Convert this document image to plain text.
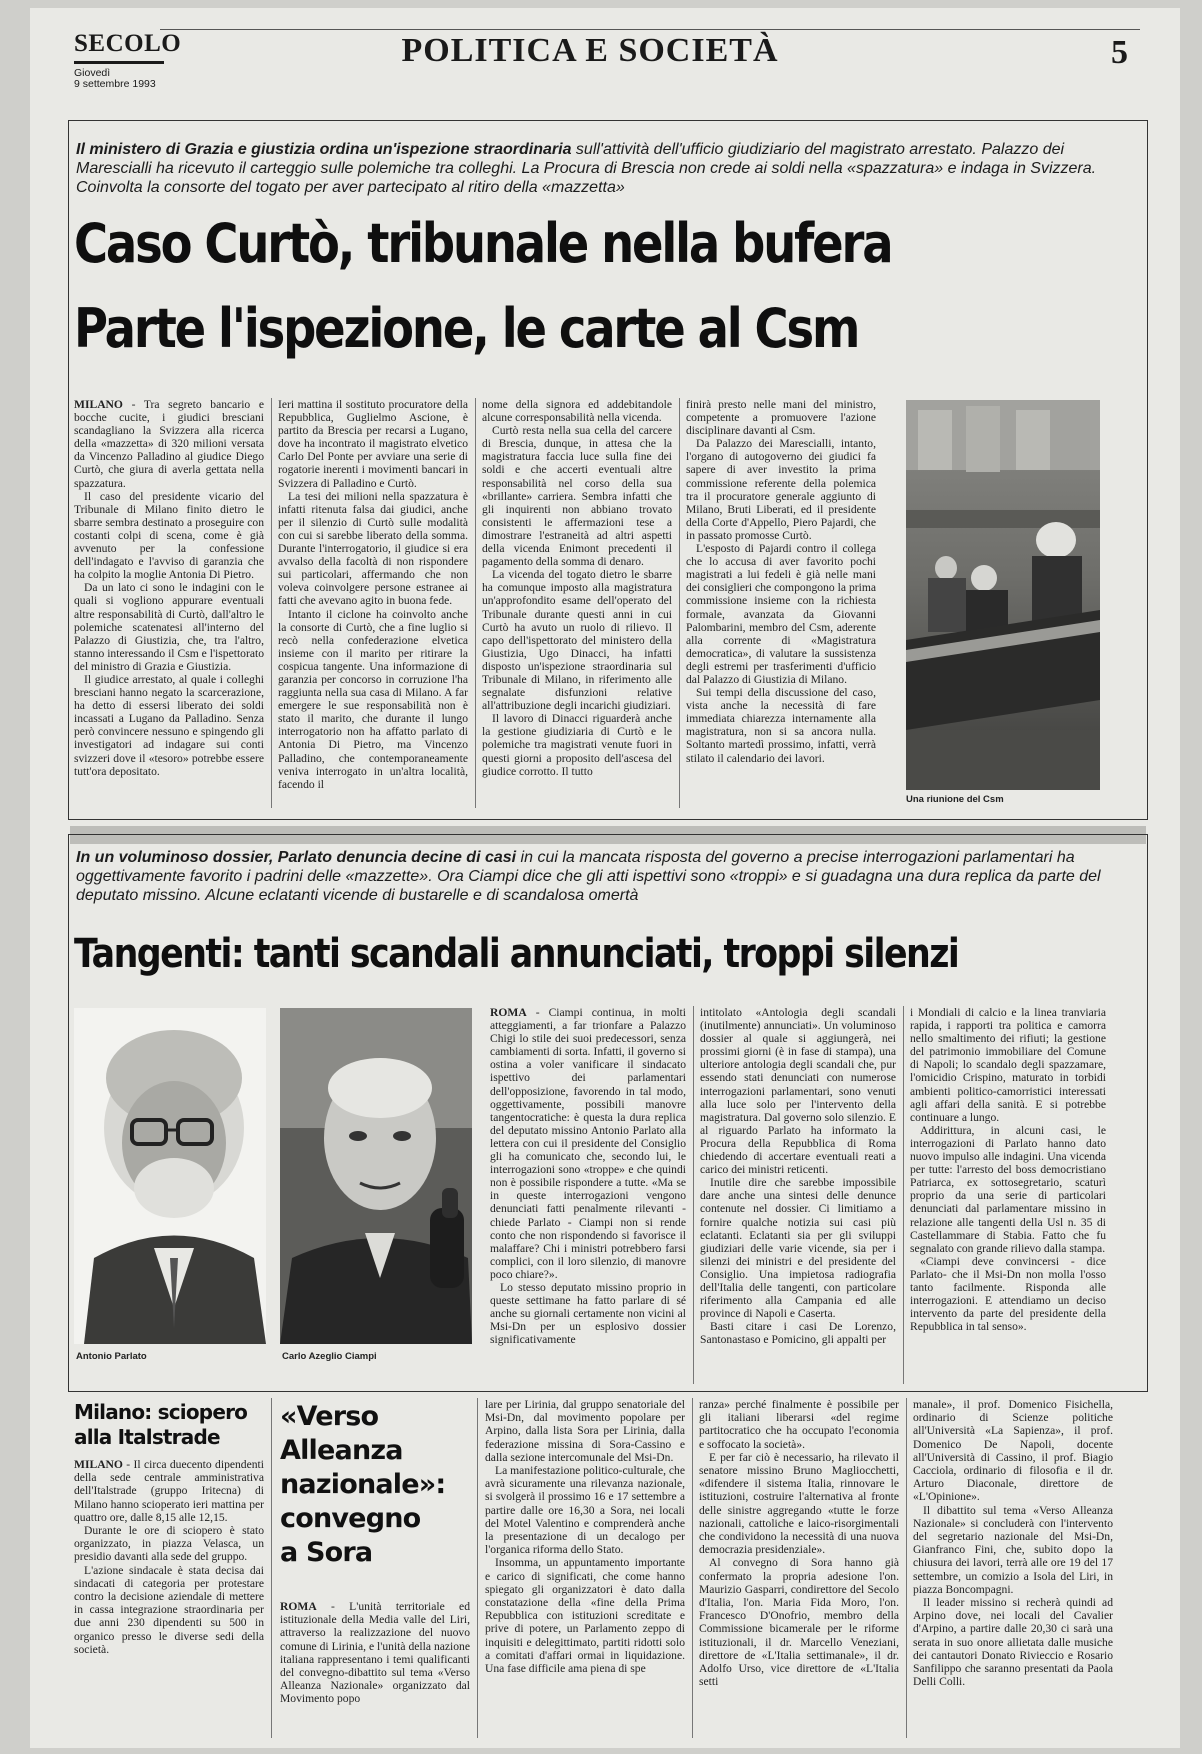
SECOLO
Giovedì
9 settembre 1993
POLITICA E SOCIETÀ	5
Il ministero di Grazia e giustizia ordina un'ispezione straordinaria sull'attività dell'ufficio giudiziario del magistrato arrestato. Palazzo dei Marescialli ha ricevuto il carteggio sulle polemiche tra colleghi. La Procura di Brescia non crede ai soldi nella «spazzatura» e indaga in Svizzera. Coinvolta la consorte del togato per aver partecipato al ritiro della «mazzetta»
Caso Curtò, tribunale nella bufera
Parte l'ispezione, le carte al Csm

MILANO - Tra segreto bancario e bocche cucite, i giudici bresciani scandagliano la Svizzera alla ricerca della «mazzetta» di 320 milioni versata da Vincenzo Palladino al giudice Diego Curtò, che giura di averla gettata nella spazzatura.

Il caso del presidente vicario del Tribunale di Milano finito dietro le sbarre sembra destinato a proseguire con costanti colpi di scena, come è già avvenuto per la confessione dell'indagato e l'avviso di garanzia che ha colpito la moglie Antonia Di Pietro.

Da un lato ci sono le indagini con le quali si vogliono appurare eventuali altre responsabilità di Curtò, dall'altro le polemiche scatenatesi all'interno del Palazzo di Giustizia, che, tra l'altro, stanno interessando il Csm e l'ispettorato del ministro di Grazia e Giustizia.

Il giudice arrestato, al quale i colleghi bresciani hanno negato la scarcerazione, ha detto di essersi liberato dei soldi incassati a Lugano da Palladino. Senza però convincere nessuno e spingendo gli investigatori ad indagare sui conti svizzeri dove il «tesoro» potrebbe essere tutt'ora depositato.

Ieri mattina il sostituto procuratore della Repubblica, Guglielmo Ascione, è partito da Brescia per recarsi a Lugano, dove ha incontrato il magistrato elvetico Carlo Del Ponte per avviare una serie di rogatorie inerenti i movimenti bancari in Svizzera di Palladino e Curtò.

La tesi dei milioni nella spazzatura è infatti ritenuta falsa dai giudici, anche per il silenzio di Curtò sulle modalità con cui si sarebbe liberato della somma. Durante l'interrogatorio, il giudice si era avvalso della facoltà di non rispondere sui particolari, affermando che non voleva coinvolgere persone estranee ai fatti che avevano agito in buona fede.

Intanto il ciclone ha coinvolto anche la consorte di Curtò, che a fine luglio si recò nella confederazione elvetica insieme con il marito per ritirare la cospicua tangente. Una informazione di garanzia per concorso in corruzione l'ha raggiunta nella sua casa di Milano. A far emergere le sue responsabilità non è stato il marito, che durante il lungo interrogatorio non ha affatto parlato di Antonia Di Pietro, ma Vincenzo Palladino, che contemporaneamente veniva interrogato in un'altra località, facendo il

nome della signora ed addebitandole alcune corresponsabilità nella vicenda.

Curtò resta nella sua cella del carcere di Brescia, dunque, in attesa che la magistratura faccia luce sulla fine dei soldi e che accerti eventuali altre responsabilità nel corso della sua «brillante» carriera. Sembra infatti che gli inquirenti non abbiano trovato consistenti le affermazioni tese a dimostrare l'estraneità ad altri aspetti della vicenda Enimont precedenti il pagamento della somma di denaro.

La vicenda del togato dietro le sbarre ha comunque imposto alla magistratura un'approfondito esame dell'operato del Tribunale durante questi anni in cui Curtò ha avuto un ruolo di rilievo. Il capo dell'ispettorato del ministero della Giustizia, Ugo Dinacci, ha infatti disposto un'ispezione straordinaria sul Tribunale di Milano, in riferimento alle segnalate disfunzioni relative all'attribuzione degli incarichi giudiziari.

Il lavoro di Dinacci riguarderà anche la gestione giudiziaria di Curtò e le polemiche tra magistrati venute fuori in questi giorni a proposito dell'ascesa del giudice corrotto. Il tutto

finirà presto nelle mani del ministro, competente a promuovere l'azione disciplinare davanti al Csm.

Da Palazzo dei Marescialli, intanto, l'organo di autogoverno dei giudici fa sapere di aver investito la prima commissione referente della polemica tra il procuratore generale aggiunto di Milano, Bruti Liberati, ed il presidente della Corte d'Appello, Piero Pajardi, che in passato promosse Curtò.

L'esposto di Pajardi contro il collega che lo accusa di aver favorito pochi magistrati a lui fedeli è già nelle mani dei consiglieri che compongono la prima commissione insieme con la richiesta formale, avanzata da Giovanni Palombarini, membro del Csm, aderente alla corrente di «Magistratura democratica», di valutare la sussistenza degli estremi per trasferimenti d'ufficio dal Palazzo di Giustizia di Milano.

Sui tempi della discussione del caso, vista anche la necessità di fare immediata chiarezza internamente alla magistratura, non si sa ancora nulla. Soltanto martedì prossimo, infatti, verrà stilato il calendario dei lavori.

Una riunione del Csm
In un voluminoso dossier, Parlato denuncia decine di casi in cui la mancata risposta del governo a precise interrogazioni parlamentari ha oggettivamente favorito i padrini delle «mazzette». Ora Ciampi dice che gli atti ispettivi sono «troppi» e si guadagna una dura replica da parte del deputato missino. Alcune eclatanti vicende di bustarelle e di scandalosa omertà
Tangenti: tanti scandali annunciati, troppi silenzi
Antonio Parlato	Carlo Azeglio Ciampi

ROMA - Ciampi continua, in molti atteggiamenti, a far trionfare a Palazzo Chigi lo stile dei suoi predecessori, senza cambiamenti di sorta. Infatti, il governo si ostina a voler vanificare il sindacato ispettivo dei parlamentari dell'opposizione, favorendo in tal modo, oggettivamente, possibili manovre tangentocratiche: è questa la dura replica del deputato missino Antonio Parlato alla lettera con cui il presidente del Consiglio gli ha comunicato che, secondo lui, le interrogazioni sono «troppe» e che quindi non è possibile rispondere a tutte. «Ma se in queste interrogazioni vengono denunciati fatti penalmente rilevanti - chiede Parlato - Ciampi non si rende conto che non rispondendo si favorisce il malaffare? Chi i ministri potrebbero farsi complici, con il loro silenzio, di manovre poco chiare?».

Lo stesso deputato missino proprio in queste settimane ha fatto parlare di sé anche su giornali certamente non vicini al Msi-Dn per un esplosivo dossier significativamente

intitolato «Antologia degli scandali (inutilmente) annunciati». Un voluminoso dossier al quale si aggiungerà, nei prossimi giorni (è in fase di stampa), una ulteriore antologia degli scandali che, pur essendo stati denunciati con numerose interrogazioni parlamentari, sono venuti alla luce solo per l'intervento della magistratura. Dal governo solo silenzio. E al riguardo Parlato ha informato la Procura della Repubblica di Roma chiedendo di accertare eventuali reati a carico dei ministri reticenti.

Inutile dire che sarebbe impossibile dare anche una sintesi delle denunce contenute nel dossier. Ci limitiamo a fornire qualche notizia sui casi più eclatanti. Eclatanti sia per gli sviluppi giudiziari delle varie vicende, sia per i silenzi dei ministri e del presidente del Consiglio. Una impietosa radiografia dell'Italia delle tangenti, con particolare riferimento alla Campania ed alle province di Napoli e Caserta.

Basti citare i casi De Lorenzo, Santonastaso e Pomicino, gli appalti per

i Mondiali di calcio e la linea tranviaria rapida, i rapporti tra politica e camorra nello smaltimento dei rifiuti; la gestione del patrimonio immobiliare del Comune di Napoli; lo scandalo degli spazzamare, l'omicidio Crispino, maturato in torbidi ambienti politico-camorristici interessati agli affari della sanità. E si potrebbe continuare a lungo.

Addirittura, in alcuni casi, le interrogazioni di Parlato hanno dato nuovo impulso alle indagini. Una vicenda per tutte: l'arresto del boss democristiano Patriarca, ex sottosegretario, scaturì proprio da una serie di particolari denunciati dal parlamentare missino in relazione alle tangenti della Usl n. 35 di Castellammare di Stabia. Fatto che fu segnalato con grande rilievo dalla stampa.

«Ciampi deve convincersi - dice Parlato- che il Msi-Dn non molla l'osso tanto facilmente. Risponda alle interrogazioni. E attendiamo un deciso intervento da parte del presidente della Repubblica in tal senso».

Milano: sciopero
alla Italstrade

MILANO - Il circa duecento dipendenti della sede centrale amministrativa dell'Italstrade (gruppo Iritecna) di Milano hanno scioperato ieri mattina per quattro ore, dalle 8,15 alle 12,15.

Durante le ore di sciopero è stato organizzato, in piazza Velasca, un presidio davanti alla sede del gruppo.

L'azione sindacale è stata decisa dai sindacati di categoria per protestare contro la decisione aziendale di mettere in cassa integrazione straordinaria per due anni 230 dipendenti su 500 in organico presso le diverse sedi della società.

«Verso
Alleanza
nazionale»:
convegno
a Sora

ROMA - L'unità territoriale ed istituzionale della Media valle del Liri, attraverso la realizzazione del nuovo comune di Lirinia, e l'unità della nazione italiana rappresentano i temi qualificanti del convegno-dibattito sul tema «Verso Alleanza Nazionale» organizzato dal Movimento popo

lare per Lirinia, dal gruppo senatoriale del Msi-Dn, dal movimento popolare per Arpino, dalla lista Sora per Lirinia, dalla federazione missina di Sora-Cassino e dalla sezione intercomunale del Msi-Dn.

La manifestazione politico-culturale, che avrà sicuramente una rilevanza nazionale, si svolgerà il prossimo 16 e 17 settembre a partire dalle ore 16,30 a Sora, nei locali del Motel Valentino e comprenderà anche la presentazione di un decalogo per l'organica riforma dello Stato.

Insomma, un appuntamento importante e carico di significati, che come hanno spiegato gli organizzatori è dato dalla constatazione della «fine della Prima Repubblica con istituzioni screditate e prive di potere, un Parlamento zeppo di inquisiti e delegittimato, partiti ridotti solo a comitati d'affari ormai in liquidazione. Una fase difficile ama piena di spe

ranza» perché finalmente è possibile per gli italiani liberarsi «del regime partitocratico che ha occupato l'economia e soffocato la società».

E per far ciò è necessario, ha rilevato il senatore missino Bruno Magliocchetti, «difendere il sistema Italia, rinnovare le istituzioni, costruire l'alternativa al fronte delle sinistre aggregando «tutte le forze nazionali, cattoliche e laico-risorgimentali che condividono la necessità di una nuova democrazia presidenziale».

Al convegno di Sora hanno già confermato la propria adesione l'on. Maurizio Gasparri, condirettore del Secolo d'Italia, l'on. Maria Fida Moro, l'on. Francesco D'Onofrio, membro della Commissione bicamerale per le riforme istituzionali, il dr. Marcello Veneziani, direttore de «L'Italia settimanale», il dr. Adolfo Urso, vice direttore de «L'Italia setti

manale», il prof. Domenico Fisichella, ordinario di Scienze politiche all'Università «La Sapienza», il prof. Domenico De Napoli, docente all'Università di Cassino, il prof. Biagio Cacciola, ordinario di filosofia e il dr. Arturo Diaconale, direttore de «L'Opinione».

Il dibattito sul tema «Verso Alleanza Nazionale» si concluderà con l'intervento del segretario nazionale del Msi-Dn, Gianfranco Fini, che, subito dopo la chiusura dei lavori, terrà alle ore 19 del 17 settembre, un comizio a Isola del Liri, in piazza Boncompagni.

Il leader missino si recherà quindi ad Arpino dove, nei locali del Cavalier d'Arpino, a partire dalle 20,30 ci sarà una serata in suo onore allietata dalle musiche dei cantautori Donato Rivieccio e Rosario Sanfilippo che saranno presentati da Paola Delli Colli.
